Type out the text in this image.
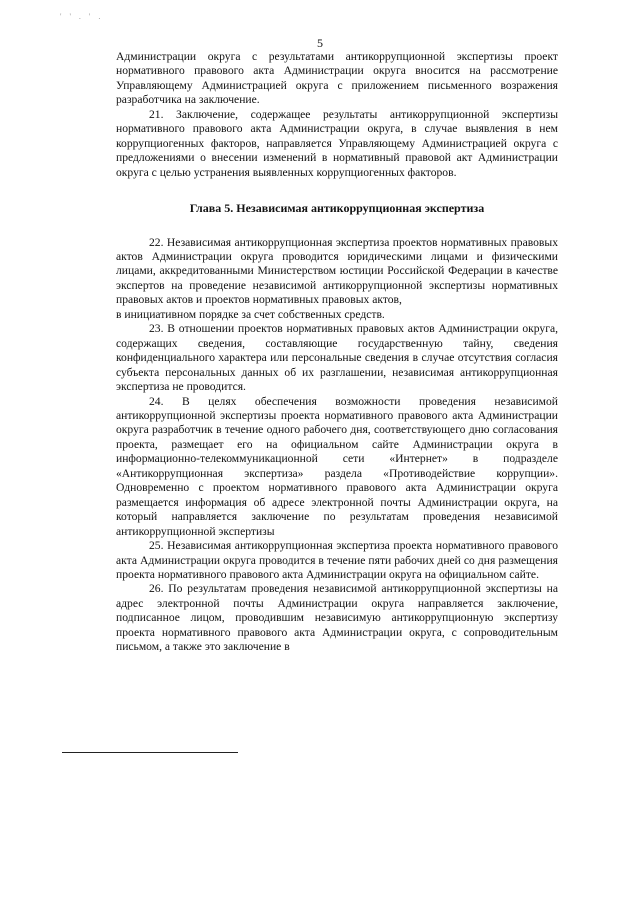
' ' . ' .
5

Администрации округа с результатами антикоррупционной экспертизы проект нормативного правового акта Администрации округа вносится на рассмотрение Управляющему Администрацией округа с приложением письменного возражения разработчика на заключение.

21. Заключение, содержащее результаты антикоррупционной экспертизы нормативного правового акта Администрации округа, в случае выявления в нем коррупциогенных факторов, направляется Управляющему Администрацией округа с предложениями о внесении изменений в нормативный правовой акт Администрации округа с целью устранения выявленных коррупциогенных факторов.

Глава 5. Независимая антикоррупционная экспертиза

22. Независимая антикоррупционная экспертиза проектов нормативных правовых актов Администрации округа проводится юридическими лицами и физическими лицами, аккредитованными Министерством юстиции Российской Федерации в качестве экспертов на проведение независимой антикоррупционной экспертизы нормативных правовых актов и проектов нормативных правовых актов,

в инициативном порядке за счет собственных средств.

23. В отношении проектов нормативных правовых актов Администрации округа, содержащих сведения, составляющие государственную тайну, сведения конфиденциального характера или персональные сведения в случае отсутствия согласия субъекта персональных данных об их разглашении, независимая антикоррупционная экспертиза не проводится.

24. В целях обеспечения возможности проведения независимой антикоррупционной экспертизы проекта нормативного правового акта Администрации округа разработчик в течение одного рабочего дня, соответствующего дню согласования проекта, размещает его на официальном сайте Администрации округа в информационно-телекоммуникационной сети «Интернет» в подразделе «Антикоррупционная экспертиза» раздела «Противодействие коррупции». Одновременно с проектом нормативного правового акта Администрации округа размещается информация об адресе электронной почты Администрации округа, на который направляется заключение по результатам проведения независимой антикоррупционной экспертизы

25. Независимая антикоррупционная экспертиза проекта нормативного правового акта Администрации округа проводится в течение пяти рабочих дней со дня размещения проекта нормативного правового акта Администрации округа на официальном сайте.

26. По результатам проведения независимой антикоррупционной экспертизы на адрес электронной почты Администрации округа направляется заключение, подписанное лицом, проводившим независимую антикоррупционную экспертизу проекта нормативного правового акта Администрации округа, с сопроводительным письмом, а также это заключение в
